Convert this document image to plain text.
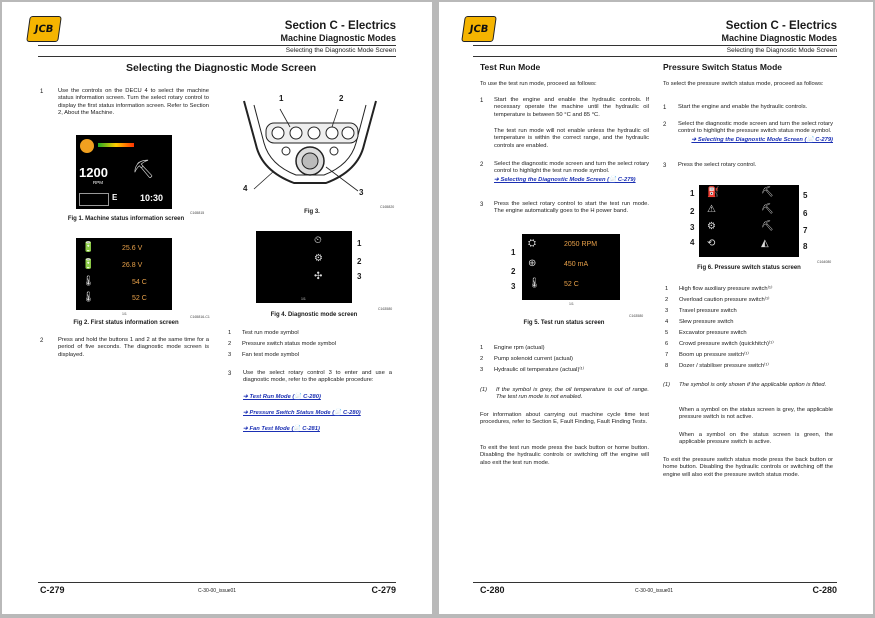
JCB	Section C - Electrics
Machine Diagnostic Modes
Selecting the Diagnostic Mode Screen
Selecting the Diagnostic Mode Screen
1	Use the controls on the DECU 4 to select the machine status information screen. Turn the select rotary control to display the first status information screen. Refer to Section 2, About the Machine.
⛏
1200
RPM
E	10:30
C165815
Fig 1. Machine status information screen
🔋	25.6 V
🔋	26.8 V
🌡	54 C
🌡	52 C
1/1
C165816-C1
Fig 2. First status information screen
2	Press and hold the buttons 1 and 2 at the same time for a period of five seconds. The diagnostic mode screen is displayed.
1	2
3
4
C165820
Fig 3.
⏲
⚙
✣
1
2
3
1/1
C163580
Fig 4. Diagnostic mode screen
1 Test run mode symbol
2 Pressure switch status mode symbol
3 Fan test mode symbol
3 Use the select rotary control 3 to enter and use a diagnostic mode, refer to the applicable procedure:
➔ Test Run Mode (📄 C-280)
➔ Pressure Switch Status Mode (📄 C-280)
➔ Fan Test Mode (📄 C-281)
C-279	C-30-00_issue01	C-279
JCB	Section C - Electrics
Machine Diagnostic Modes
Selecting the Diagnostic Mode Screen
Test Run Mode
To use the test run mode, proceed as follows:
1 Start the engine and enable the hydraulic controls. If necessary operate the machine until the hydraulic oil temperature is between 50 °C and 85 °C.
The test run mode will not enable unless the hydraulic oil temperature is within the correct range, and the hydraulic controls are enabled.
2 Select the diagnostic mode screen and turn the select rotary control to highlight the test run mode symbol.
➔ Selecting the Diagnostic Mode Screen (📄 C-279)
3 Press the select rotary control to start the test run mode. The engine automatically goes to the H power band.
⛭	2050 RPM
⊕	450 mA
🌡	52 C
1
2
3
1/1
C163580
Fig 5. Test run status screen
1 Engine rpm (actual)
2 Pump solenoid current (actual)
3 Hydraulic oil temperature (actual)⁽¹⁾
(1) If the symbol is grey, the oil temperature is out of range. The test run mode is not enabled.
For information about carrying out machine cycle time test procedures, refer to Section E, Fault Finding, Fault Finding Tests.
To exit the test run mode press the back button or home button. Disabling the hydraulic controls or switching off the engine will also exit the test run mode.
Pressure Switch Status Mode
To select the pressure switch status mode, proceed as follows:
1 Start the engine and enable the hydraulic controls.
2 Select the diagnostic mode screen and turn the select rotary control to highlight the pressure switch status mode symbol.
➔ Selecting the Diagnostic Mode Screen (📄 C-279)
3 Press the select rotary control.
⛽
⚠
⚙
⟲
⛏
⛏
⛏
◭
1
2
3
4
5
6
7
8
C164080
Fig 6. Pressure switch status screen
1 High flow auxiliary pressure switch⁽¹⁾
2 Overload caution pressure switch⁽¹⁾
3 Travel pressure switch
4 Slew pressure switch
5 Excavator pressure switch
6 Crowd pressure switch (quickhitch)⁽¹⁾
7 Boom up pressure switch⁽¹⁾
8 Dozer / stabiliser pressure switch⁽¹⁾
(1) The symbol is only shown if the applicable option is fitted.
When a symbol on the status screen is grey, the applicable pressure switch is not active.
When a symbol on the status screen is green, the applicable pressure switch is active.
To exit the pressure switch status mode press the back button or home button. Disabling the hydraulic controls or switching off the engine will also exit the pressure switch status mode.
C-280	C-30-00_issue01	C-280
